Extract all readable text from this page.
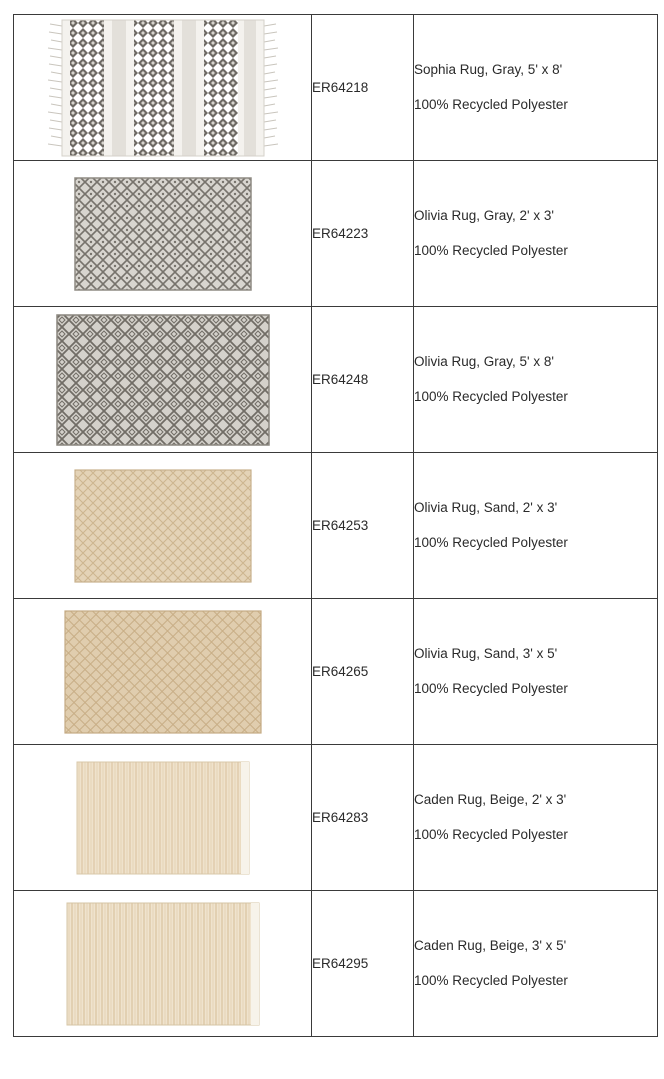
	ER64218	Sophia Rug, Gray, 5' x 8'
100% Recycled Polyester

	ER64223	Olivia Rug, Gray, 2' x 3'
100% Recycled Polyester

	ER64248	Olivia Rug, Gray, 5' x 8'
100% Recycled Polyester

	ER64253	Olivia Rug, Sand, 2' x 3'
100% Recycled Polyester

	ER64265	Olivia Rug, Sand, 3' x 5'
100% Recycled Polyester

	ER64283	Caden Rug, Beige, 2' x 3'
100% Recycled Polyester

	ER64295	Caden Rug, Beige, 3' x 5'
100% Recycled Polyester
